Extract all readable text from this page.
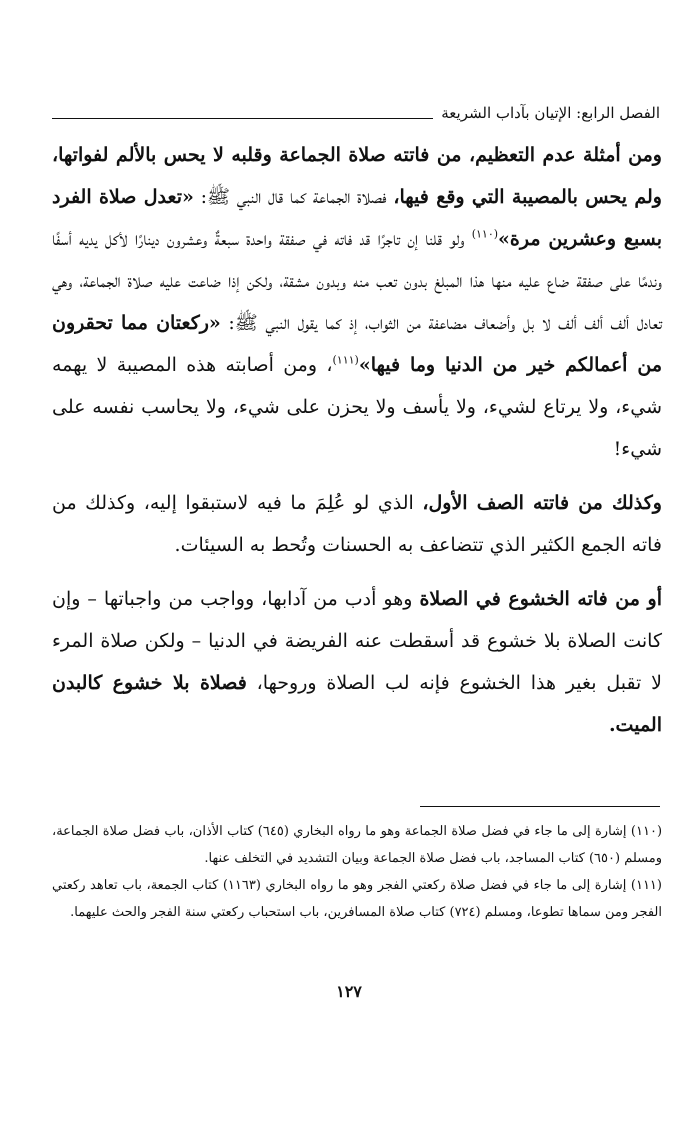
الفصل الرابع: الإتيان بآداب الشريعة

ومن أمثلة عدم التعظيم، من فاتته صلاة الجماعة وقلبه لا يحس بالألم لفواتها، ولم يحس بالمصيبة التي وقع فيها، فصلاة الجماعة كما قال النبي ﷺ: «تعدل صلاة الفرد بسبع وعشرين مرة»$^{(١١٠)}$ ولو قلنا إن تاجرًا قد فاته في صفقة واحدة سبعةٌ وعشرون دينارًا لأكل يديه أسفًا وندمًا على صفقة ضاع عليه منها هذا المبلغ بدون تعب منه وبدون مشقة، ولكن إذا ضاعت عليه صلاة الجماعة، وهي تعادل ألف ألف ألف لا بل وأضعاف مضاعفة من الثواب، إذ كما يقول النبي ﷺ: «ركعتان مما تحقرون من أعمالكم خير من الدنيا وما فيها»$^{(١١١)}$، ومن أصابته هذه المصيبة لا يهمه شيء، ولا يرتاع لشيء، ولا يأسف ولا يحزن على شيء، ولا يحاسب نفسه على شيء!

وكذلك من فاتته الصف الأول، الذي لو عُلِمَ ما فيه لاستبقوا إليه، وكذلك من فاته الجمع الكثير الذي تتضاعف به الحسنات وتُحط به السيئات.

أو من فاته الخشوع في الصلاة وهو أدب من آدابها، وواجب من واجباتها – وإن كانت الصلاة بلا خشوع قد أسقطت عنه الفريضة في الدنيا – ولكن صلاة المرء لا تقبل بغير هذا الخشوع فإنه لب الصلاة وروحها، فصلاة بلا خشوع كالبدن الميت.

(١١٠) إشارة إلى ما جاء في فضل صلاة الجماعة وهو ما رواه البخاري (٦٤٥) كتاب الأذان، باب فضل صلاة الجماعة، ومسلم (٦٥٠) كتاب المساجد، باب فضل صلاة الجماعة وبيان التشديد في التخلف عنها.

(١١١) إشارة إلى ما جاء في فضل صلاة ركعتي الفجر وهو ما رواه البخاري (١١٦٣) كتاب الجمعة، باب تعاهد ركعتي الفجر ومن سماها تطوعا، ومسلم (٧٢٤) كتاب صلاة المسافرين، باب استحباب ركعتي سنة الفجر والحث عليهما.

١٢٧
